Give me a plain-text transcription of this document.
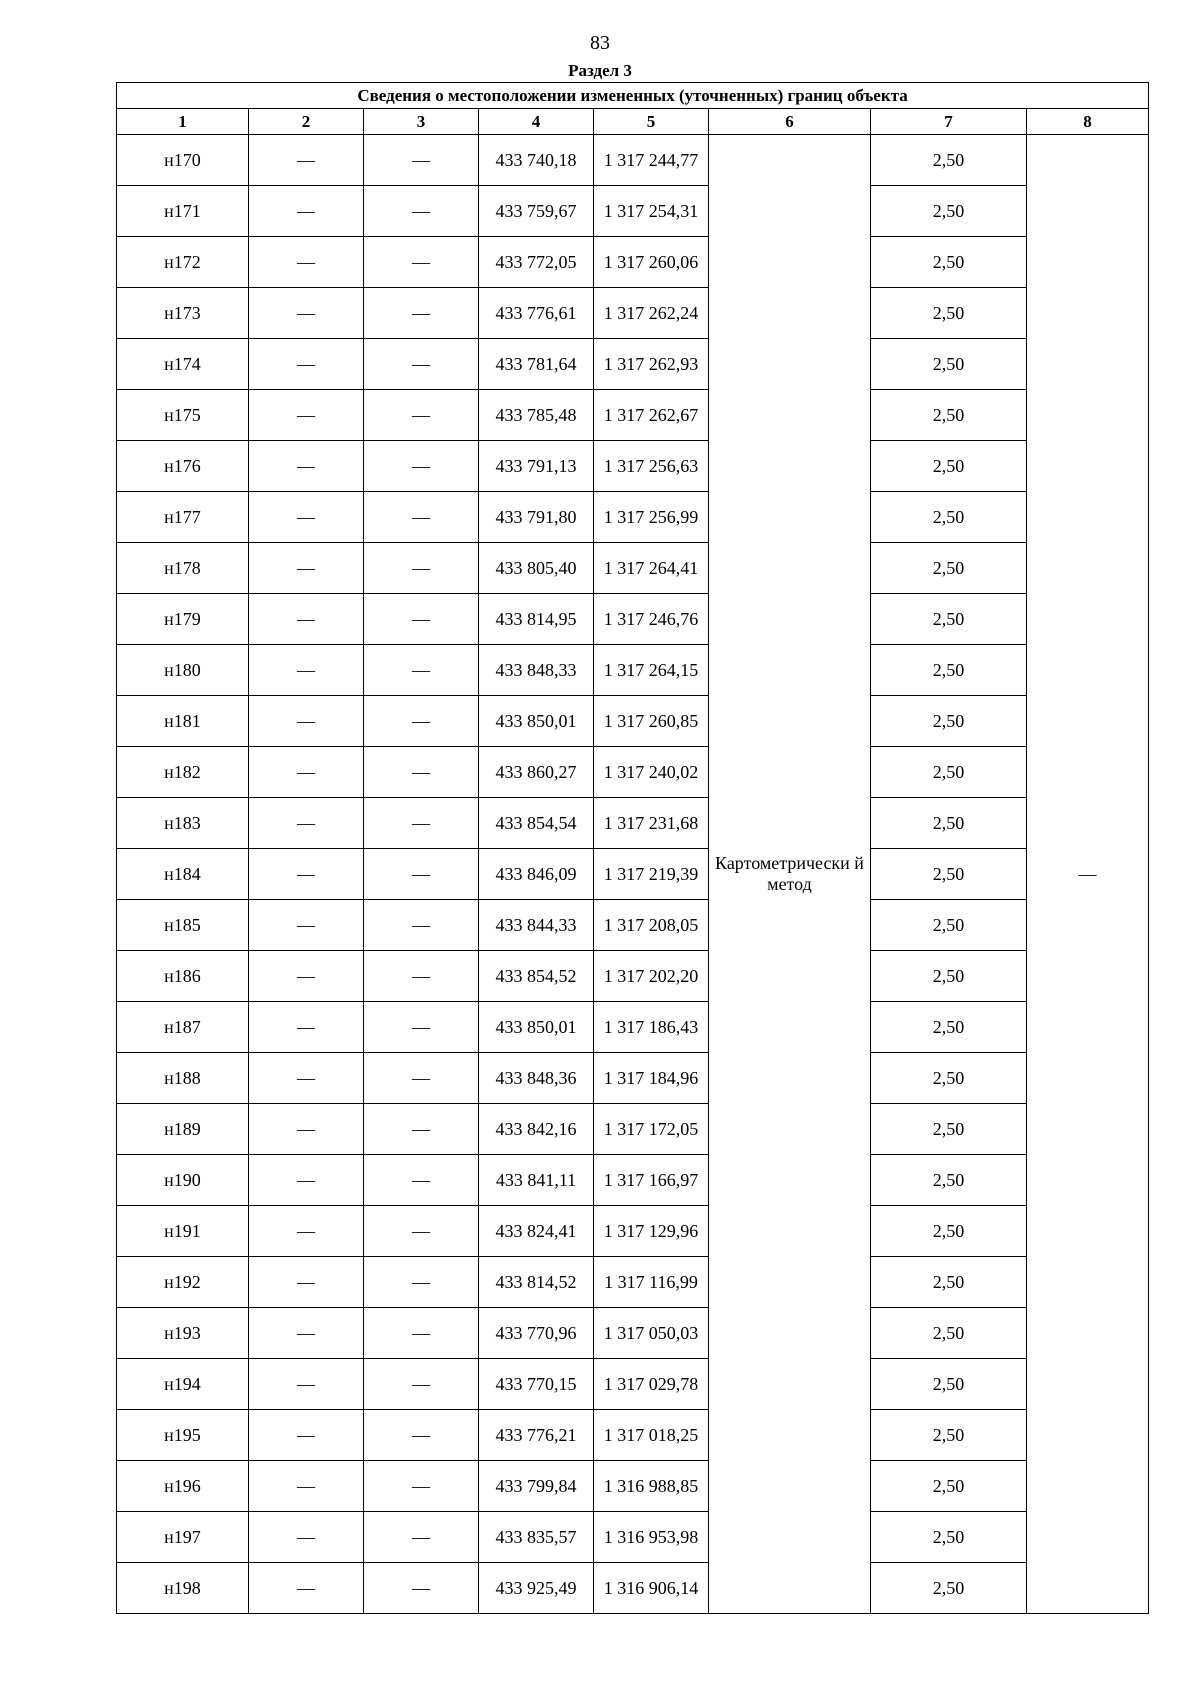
83
Раздел 3
Сведения о местоположении измененных (уточненных) границ объекта							
1	2	3	4	5	6	7	8
н170	—	—	433 740,18	1 317 244,77	Картометрически й метод	2,50	—
н171	—	—	433 759,67	1 317 254,31		2,50	
н172	—	—	433 772,05	1 317 260,06		2,50	
н173	—	—	433 776,61	1 317 262,24		2,50	
н174	—	—	433 781,64	1 317 262,93		2,50	
н175	—	—	433 785,48	1 317 262,67		2,50	
н176	—	—	433 791,13	1 317 256,63		2,50	
н177	—	—	433 791,80	1 317 256,99		2,50	
н178	—	—	433 805,40	1 317 264,41		2,50	
н179	—	—	433 814,95	1 317 246,76		2,50	
н180	—	—	433 848,33	1 317 264,15		2,50	
н181	—	—	433 850,01	1 317 260,85		2,50	
н182	—	—	433 860,27	1 317 240,02		2,50	
н183	—	—	433 854,54	1 317 231,68		2,50	
н184	—	—	433 846,09	1 317 219,39		2,50	
н185	—	—	433 844,33	1 317 208,05		2,50	
н186	—	—	433 854,52	1 317 202,20		2,50	
н187	—	—	433 850,01	1 317 186,43		2,50	
н188	—	—	433 848,36	1 317 184,96		2,50	
н189	—	—	433 842,16	1 317 172,05		2,50	
н190	—	—	433 841,11	1 317 166,97		2,50	
н191	—	—	433 824,41	1 317 129,96		2,50	
н192	—	—	433 814,52	1 317 116,99		2,50	
н193	—	—	433 770,96	1 317 050,03		2,50	
н194	—	—	433 770,15	1 317 029,78		2,50	
н195	—	—	433 776,21	1 317 018,25		2,50	
н196	—	—	433 799,84	1 316 988,85		2,50	
н197	—	—	433 835,57	1 316 953,98		2,50	
н198	—	—	433 925,49	1 316 906,14		2,50	
